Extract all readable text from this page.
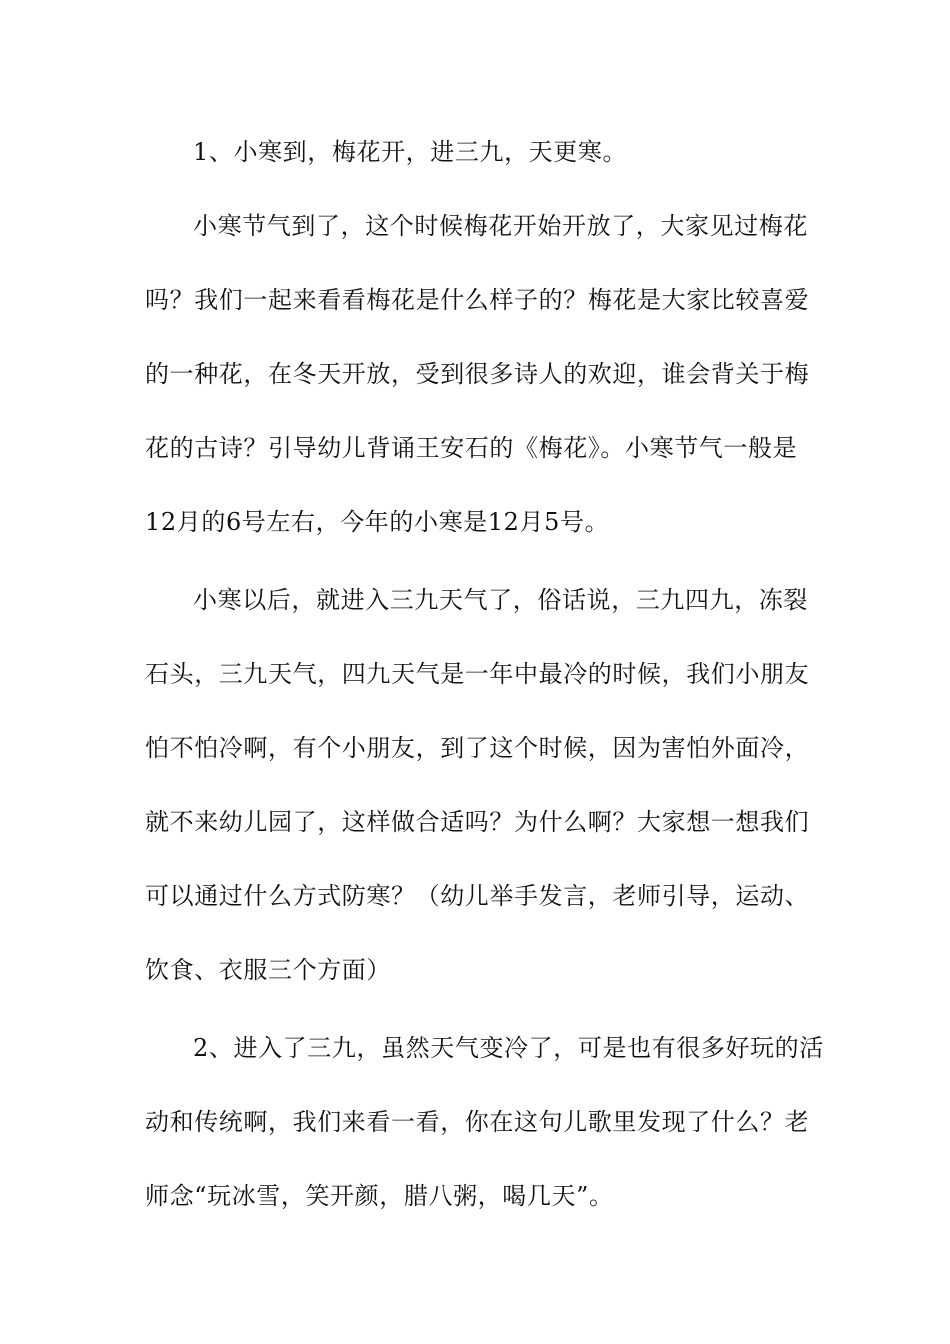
1、小寒到，梅花开，进三九，天更寒。
小寒节气到了，这个时候梅花开始开放了，大家见过梅花
吗？我们一起来看看梅花是什么样子的？梅花是大家比较喜爱
的一种花，在冬天开放，受到很多诗人的欢迎，谁会背关于梅
花的古诗？引导幼儿背诵王安石的《梅花》。小寒节气一般是
12月的6号左右，今年的小寒是12月5号。
小寒以后，就进入三九天气了，俗话说，三九四九，冻裂
石头，三九天气，四九天气是一年中最冷的时候，我们小朋友
怕不怕冷啊，有个小朋友，到了这个时候，因为害怕外面冷，
就不来幼儿园了，这样做合适吗？为什么啊？大家想一想我们
可以通过什么方式防寒？（幼儿举手发言，老师引导，运动、
饮食、衣服三个方面）
2、进入了三九，虽然天气变冷了，可是也有很多好玩的活
动和传统啊，我们来看一看，你在这句儿歌里发现了什么？老
师念“玩冰雪，笑开颜，腊八粥，喝几天”。
